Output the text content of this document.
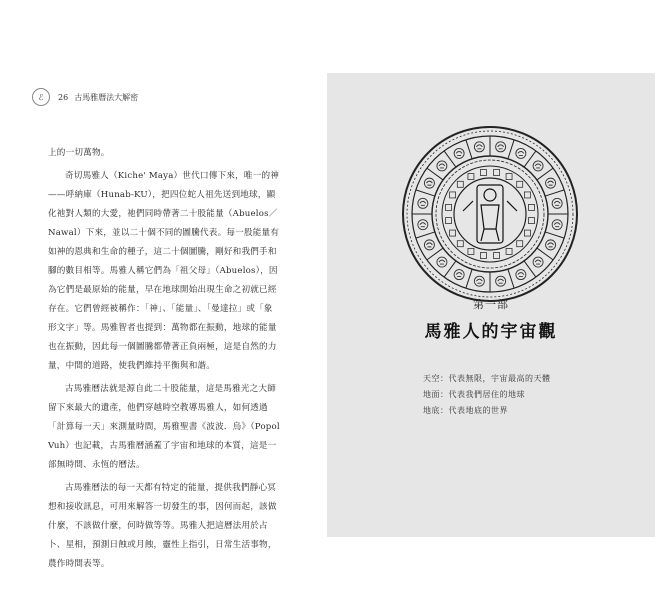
ℰ 26 古馬雅曆法大解密

上的一切萬物。

奇切馬雅人（Kiche' Maya）世代口傳下來，唯一的神——呼納庫（Hunab-KU），把四位蛇人祖先送到地球，顯化祂對人類的大愛，祂們同時帶著二十股能量（Abuelos／Nawal）下來，並以二十個不同的圖騰代表。每一股能量有如神的恩典和生命的種子，這二十個圖騰，剛好和我們手和腳的數目相等。馬雅人稱它們為「祖父母」（Abuelos），因為它們是最原始的能量，早在地球開始出現生命之初就已經存在。它們曾經被稱作：「神」、「能量」、「曼達拉」或「象形文字」等。馬雅智者也提到：萬物都在振動，地球的能量也在振動，因此每一個圖騰都帶著正負兩極，這是自然的力量，中間的道路，使我們維持平衡與和諧。

古馬雅曆法就是源自此二十股能量，這是馬雅光之大師留下來最大的遺產，他們穿越時空教導馬雅人，如何透過「計算每一天」來測量時間，馬雅聖書《波波．烏》（Popol Vuh）也記載，古馬雅曆涵蓋了宇宙和地球的本質，這是一部無時間、永恆的曆法。

古馬雅曆法的每一天都有特定的能量，提供我們靜心冥想和接收訊息，可用來解答一切發生的事，因何而起，該做什麼，不該做什麼，何時做等等。馬雅人把這曆法用於占卜、星相，預測日蝕或月蝕，靈性上指引，日常生活事物，農作時間表等。

第一部
馬雅人的宇宙觀
天空：代表無限，宇宙最高的天體
地面：代表我們居住的地球
地底：代表地底的世界
